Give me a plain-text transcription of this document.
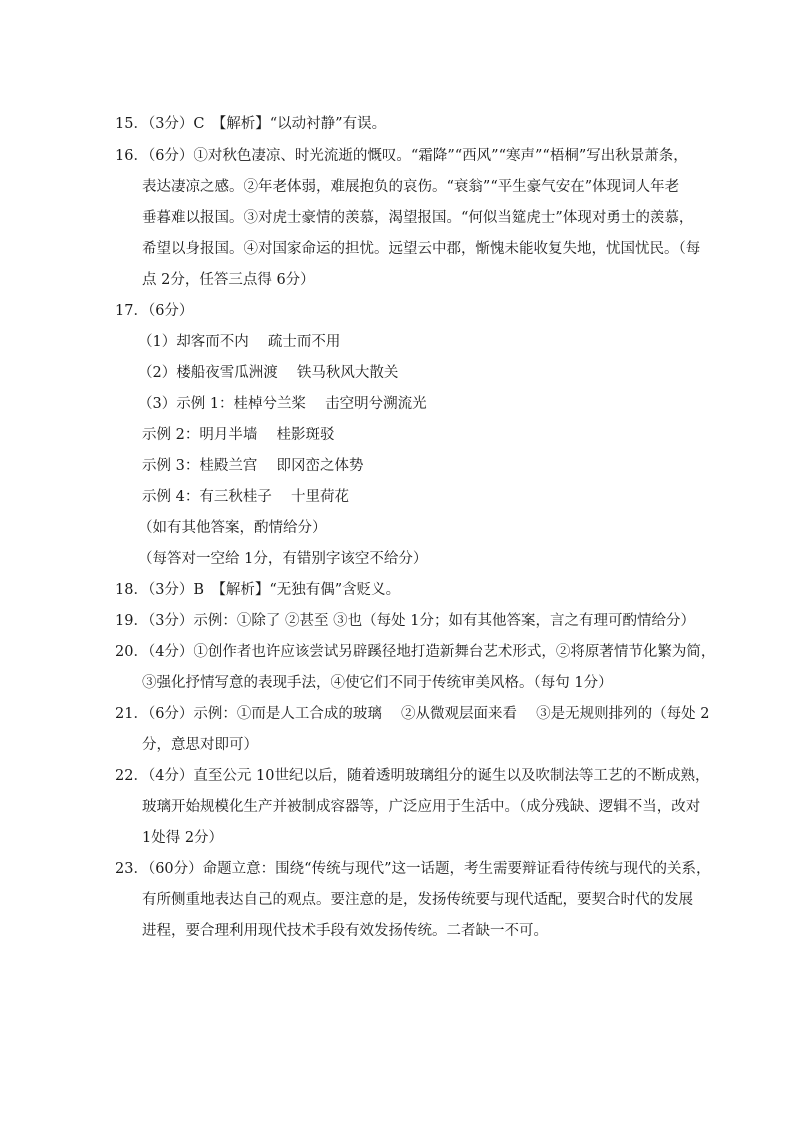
15．（3分）C　【解析】“以动衬静”有误。
16．（6分）①对秋色凄凉、时光流逝的慨叹。“霜降”“西风”“寒声”“梧桐”写出秋景萧条，
表达凄凉之感。②年老体弱，难展抱负的哀伤。“衰翁”“平生豪气安在”体现词人年老
垂暮难以报国。③对虎士豪情的羡慕，渴望报国。“何似当筵虎士”体现对勇士的羡慕，
希望以身报国。④对国家命运的担忧。远望云中郡，惭愧未能收复失地，忧国忧民。（每
点 2分，任答三点得 6分）
17．（6分）
（1）却客而不内　 疏士而不用
（2）楼船夜雪瓜洲渡　 铁马秋风大散关
（3）示例 1：桂棹兮兰桨　 击空明兮溯流光
示例 2：明月半墙　 桂影斑驳
示例 3：桂殿兰宫　 即冈峦之体势
示例 4：有三秋桂子　 十里荷花
（如有其他答案，酌情给分）
（每答对一空给 1分，有错别字该空不给分）
18．（3分）B　【解析】“无独有偶”含贬义。
19．（3分）示例：①除了 ②甚至 ③也（每处 1分；如有其他答案，言之有理可酌情给分）
20．（4分）①创作者也许应该尝试另辟蹊径地打造新舞台艺术形式，②将原著情节化繁为简，
③强化抒情写意的表现手法，④使它们不同于传统审美风格。（每句 1分）
21．（6分）示例：①而是人工合成的玻璃　 ②从微观层面来看　 ③是无规则排列的（每处 2
分，意思对即可）
22．（4分）直至公元 10世纪以后，随着透明玻璃组分的诞生以及吹制法等工艺的不断成熟，
玻璃开始规模化生产并被制成容器等，广泛应用于生活中。（成分残缺、逻辑不当，改对
1处得 2分）
23．（60分）命题立意：围绕“传统与现代”这一话题，考生需要辩证看待传统与现代的关系，
有所侧重地表达自己的观点。要注意的是，发扬传统要与现代适配，要契合时代的发展
进程，要合理利用现代技术手段有效发扬传统。二者缺一不可。
